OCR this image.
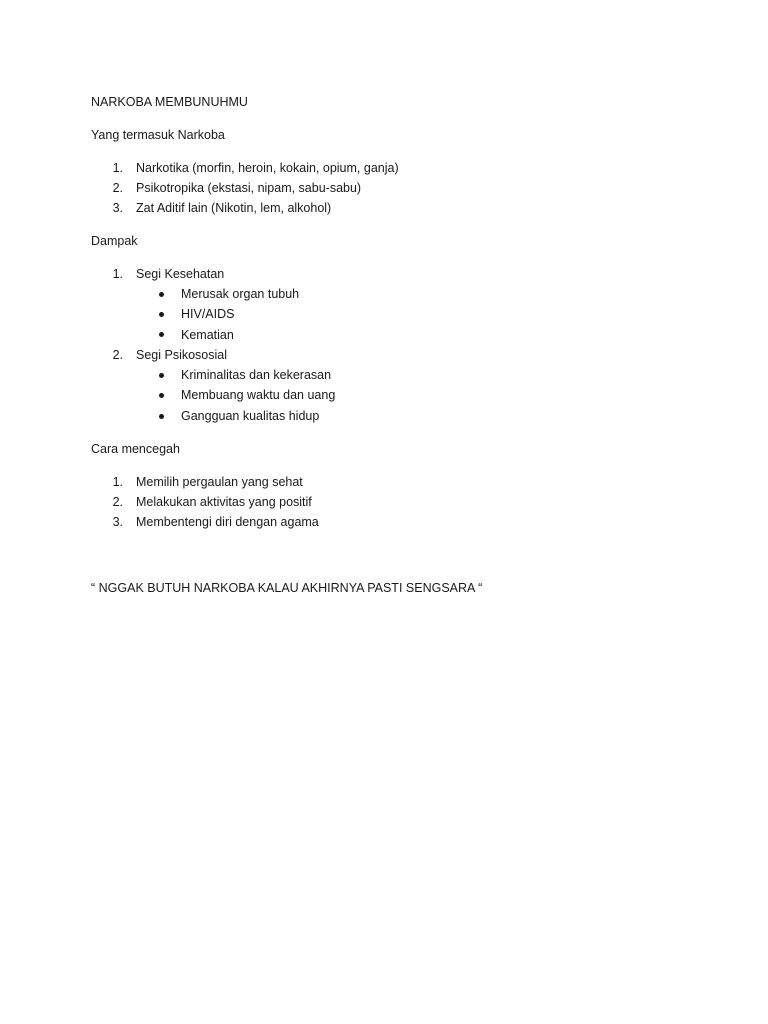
NARKOBA MEMBUNUHMU
Yang termasuk Narkoba
1. Narkotika (morfin, heroin, kokain, opium, ganja)
2. Psikotropika (ekstasi, nipam, sabu-sabu)
3. Zat Aditif lain (Nikotin, lem, alkohol)
Dampak
1. Segi Kesehatan
Merusak organ tubuh
HIV/AIDS
Kematian
2. Segi Psikososial
Kriminalitas dan kekerasan
Membuang waktu dan uang
Gangguan kualitas hidup
Cara mencegah
1. Memilih pergaulan yang sehat
2. Melakukan aktivitas yang positif
3. Membentengi diri dengan agama
“ NGGAK BUTUH NARKOBA KALAU AKHIRNYA PASTI SENGSARA “
